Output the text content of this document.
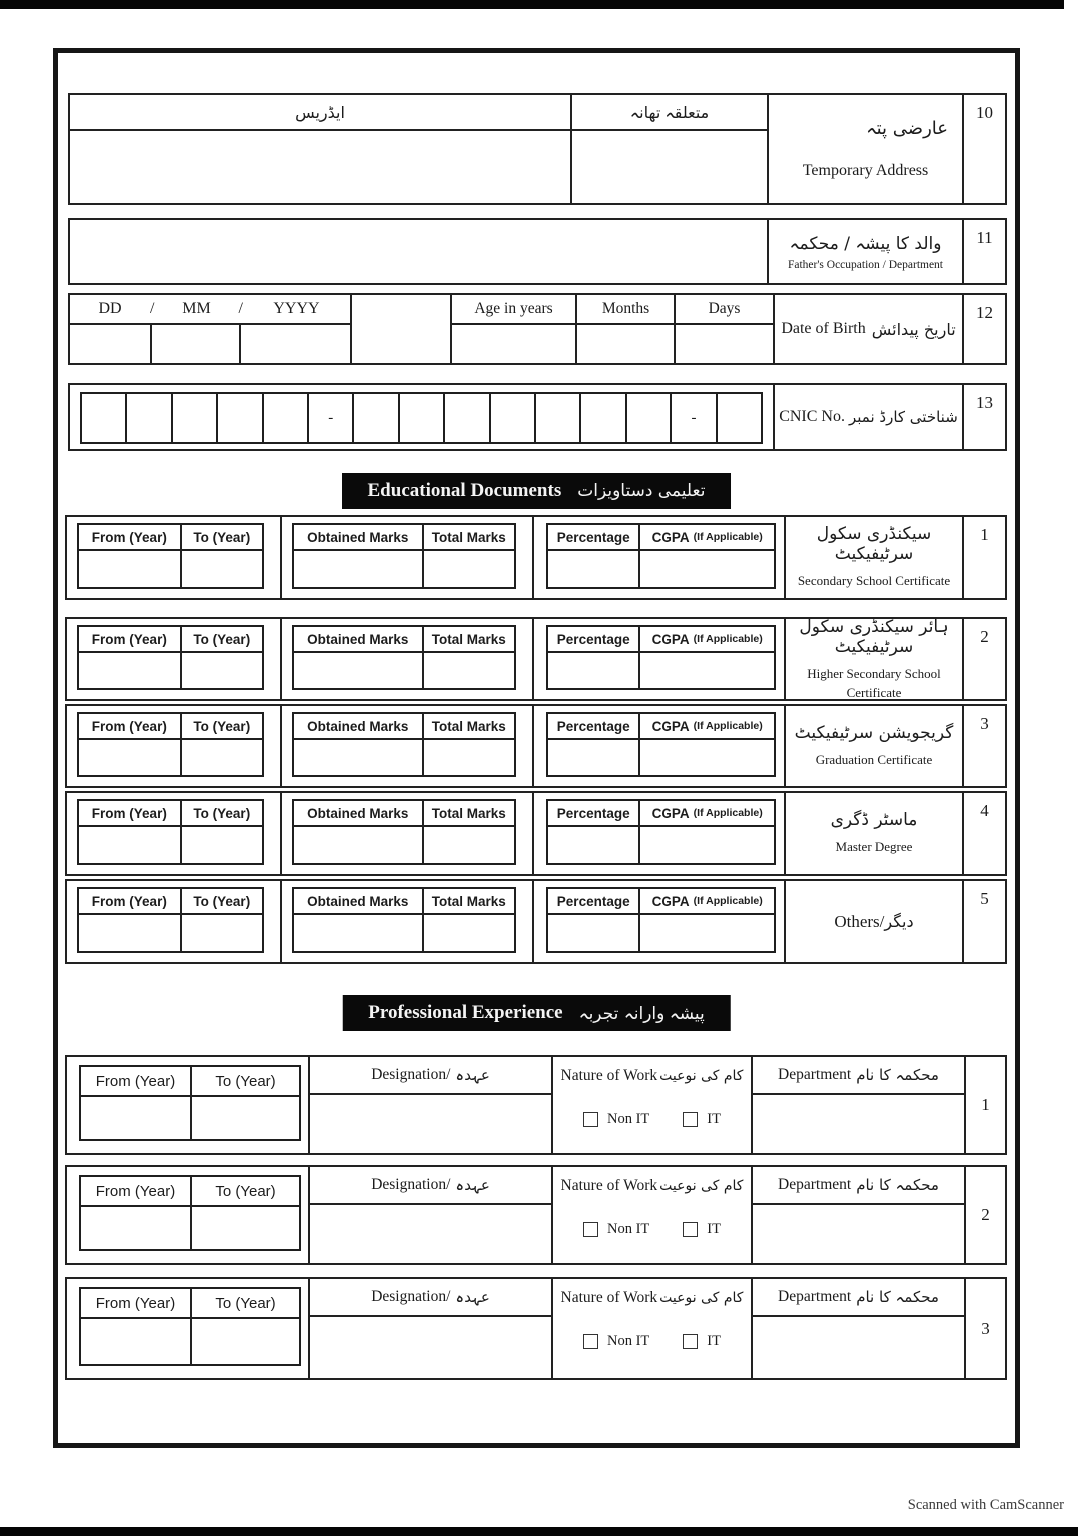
ایڈریس	متعلقہ تھانہ
عارضی پتہ
Temporary Address
10
والد کا پیشہ / محکمہ
Father's Occupation / Department
11
DD	/	MM	/	YYYY	Age in years	Months	Days
Date of Birth تاریخ پیدائش
12
-	-	CNIC No. شناختی کارڈ نمبر
13
Educational Documents تعلیمی دستاویزات
From (Year)	To (Year)	Obtained Marks	Total Marks	Percentage	CGPA (If Applicable)	سیکنڈری سکول سرٹیفیکیٹ
Secondary School Certificate
1
From (Year)	To (Year)	Obtained Marks	Total Marks	Percentage	CGPA (If Applicable)
ہائر سیکنڈری سکول سرٹیفیکیٹ
Higher Secondary School Certificate
2
From (Year)	To (Year)	Obtained Marks	Total Marks	Percentage	CGPA (If Applicable) گریجویشن سرٹیفیکیٹ
Graduation Certificate
3
From (Year)	To (Year)	Obtained Marks	Total Marks	Percentage	CGPA (If Applicable)	ماسٹر ڈگری
Master Degree
4
From (Year)	To (Year)	Obtained Marks	Total Marks	Percentage	CGPA (If Applicable)
Others/ دیگر
5
Professional Experience پیشہ وارانہ تجربہ
From (Year)	To (Year)	Designation/ عہدہ	Nature of Work کام کی نوعیت
Non IT	IT
Department محکمہ کا نام
1
From (Year)	To (Year)	Designation/ عہدہ	Nature of Work کام کی نوعیت
Non IT	IT
Department محکمہ کا نام
2
From (Year)	To (Year)	Designation/ عہدہ	Nature of Work کام کی نوعیت
Non IT	IT
Department محکمہ کا نام
3
Scanned with CamScanner
